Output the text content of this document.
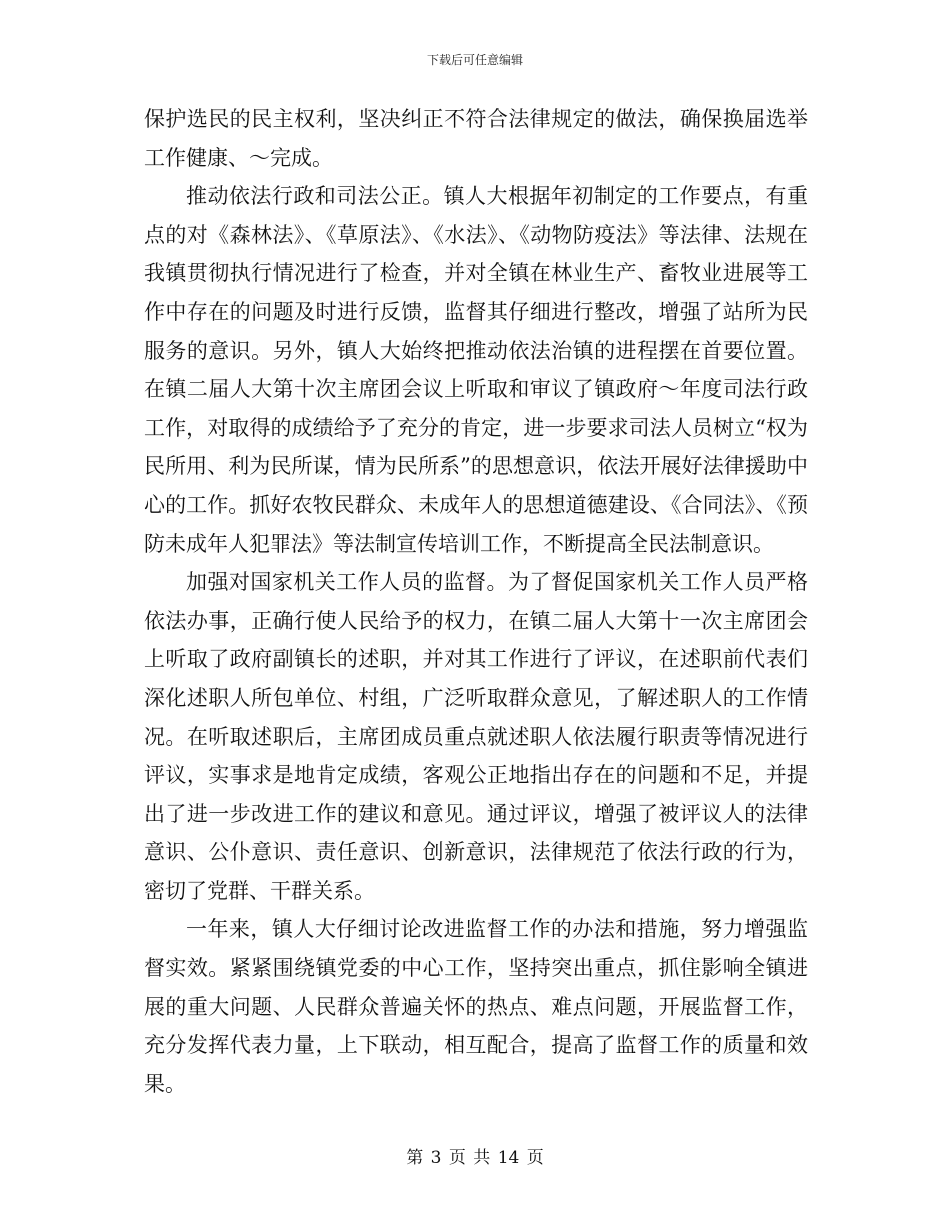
下载后可任意编辑

保护选民的民主权利，坚决纠正不符合法律规定的做法，确保换届选举工作健康、～完成。

推动依法行政和司法公正。镇人大根据年初制定的工作要点，有重点的对《森林法》、《草原法》、《水法》、《动物防疫法》等法律、法规在我镇贯彻执行情况进行了检查，并对全镇在林业生产、畜牧业进展等工作中存在的问题及时进行反馈，监督其仔细进行整改，增强了站所为民服务的意识。另外，镇人大始终把推动依法治镇的进程摆在首要位置。在镇二届人大第十次主席团会议上听取和审议了镇政府～年度司法行政工作，对取得的成绩给予了充分的肯定，进一步要求司法人员树立“权为民所用、利为民所谋，情为民所系”的思想意识，依法开展好法律援助中心的工作。抓好农牧民群众、未成年人的思想道德建设、《合同法》、《预防未成年人犯罪法》等法制宣传培训工作，不断提高全民法制意识。

加强对国家机关工作人员的监督。为了督促国家机关工作人员严格依法办事，正确行使人民给予的权力，在镇二届人大第十一次主席团会上听取了政府副镇长的述职，并对其工作进行了评议，在述职前代表们深化述职人所包单位、村组，广泛听取群众意见，了解述职人的工作情况。在听取述职后，主席团成员重点就述职人依法履行职责等情况进行评议，实事求是地肯定成绩，客观公正地指出存在的问题和不足，并提出了进一步改进工作的建议和意见。通过评议，增强了被评议人的法律意识、公仆意识、责任意识、创新意识，法律规范了依法行政的行为，密切了党群、干群关系。

一年来，镇人大仔细讨论改进监督工作的办法和措施，努力增强监督实效。紧紧围绕镇党委的中心工作，坚持突出重点，抓住影响全镇进展的重大问题、人民群众普遍关怀的热点、难点问题，开展监督工作，充分发挥代表力量，上下联动，相互配合，提高了监督工作的质量和效果。

第 3 页 共 14 页
